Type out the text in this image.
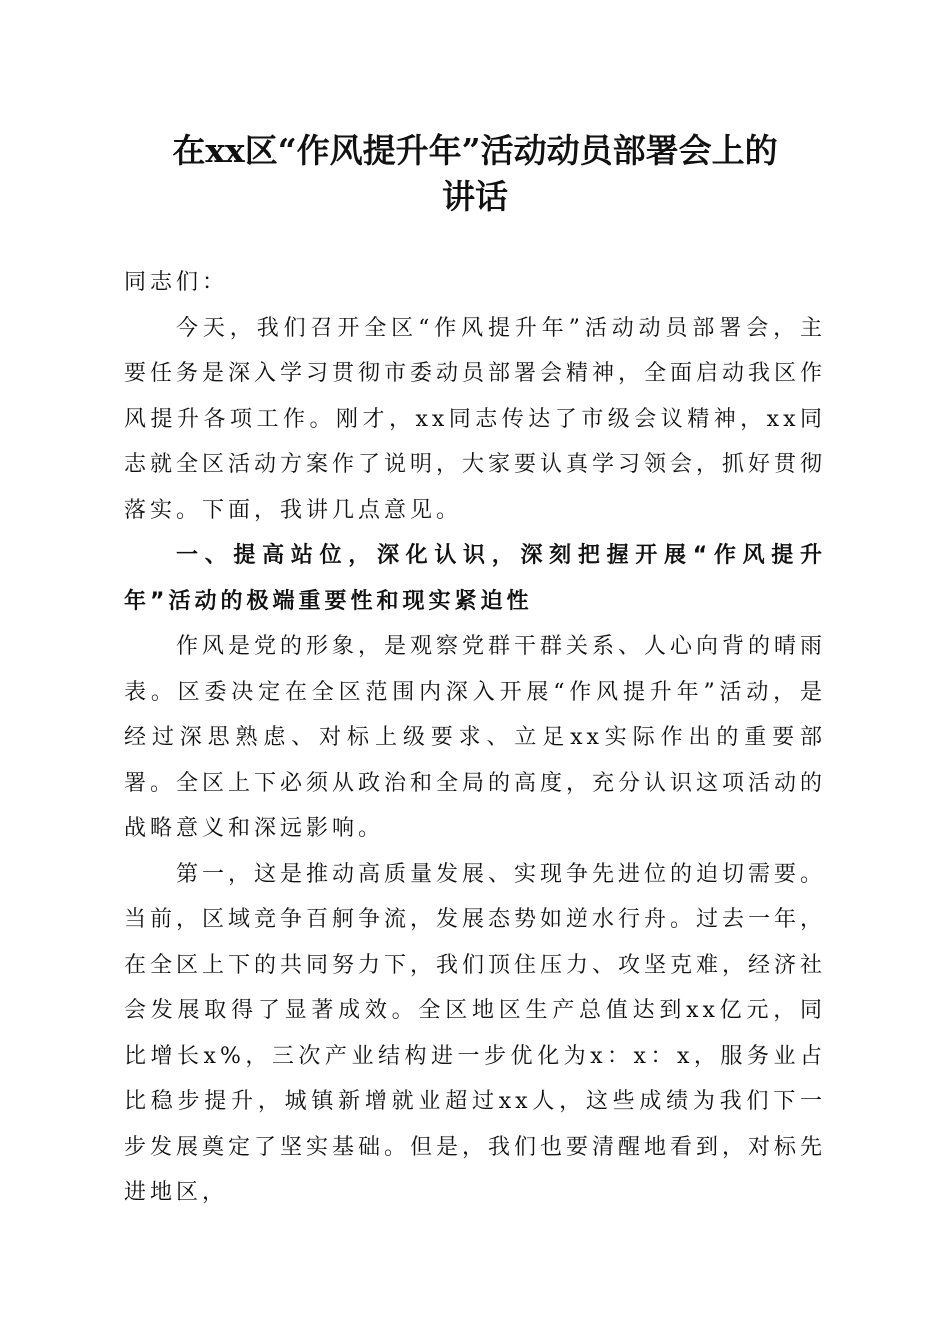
在xx区“作风提升年”活动动员部署会上的
讲话

同志们：

今天，我们召开全区“作风提升年”活动动员部署会，主要任务是深入学习贯彻市委动员部署会精神，全面启动我区作风提升各项工作。刚才，xx同志传达了市级会议精神，xx同志就全区活动方案作了说明，大家要认真学习领会，抓好贯彻落实。下面，我讲几点意见。

一、提高站位，深化认识，深刻把握开展“作风提升年”活动的极端重要性和现实紧迫性

作风是党的形象，是观察党群干群关系、人心向背的晴雨表。区委决定在全区范围内深入开展“作风提升年”活动，是经过深思熟虑、对标上级要求、立足xx实际作出的重要部署。全区上下必须从政治和全局的高度，充分认识这项活动的战略意义和深远影响。

第一，这是推动高质量发展、实现争先进位的迫切需要。当前，区域竞争百舸争流，发展态势如逆水行舟。过去一年，在全区上下的共同努力下，我们顶住压力、攻坚克难，经济社会发展取得了显著成效。全区地区生产总值达到xx亿元，同比增长x%，三次产业结构进一步优化为x：x：x，服务业占比稳步提升，城镇新增就业超过xx人，这些成绩为我们下一步发展奠定了坚实基础。但是，我们也要清醒地看到，对标先进地区，
